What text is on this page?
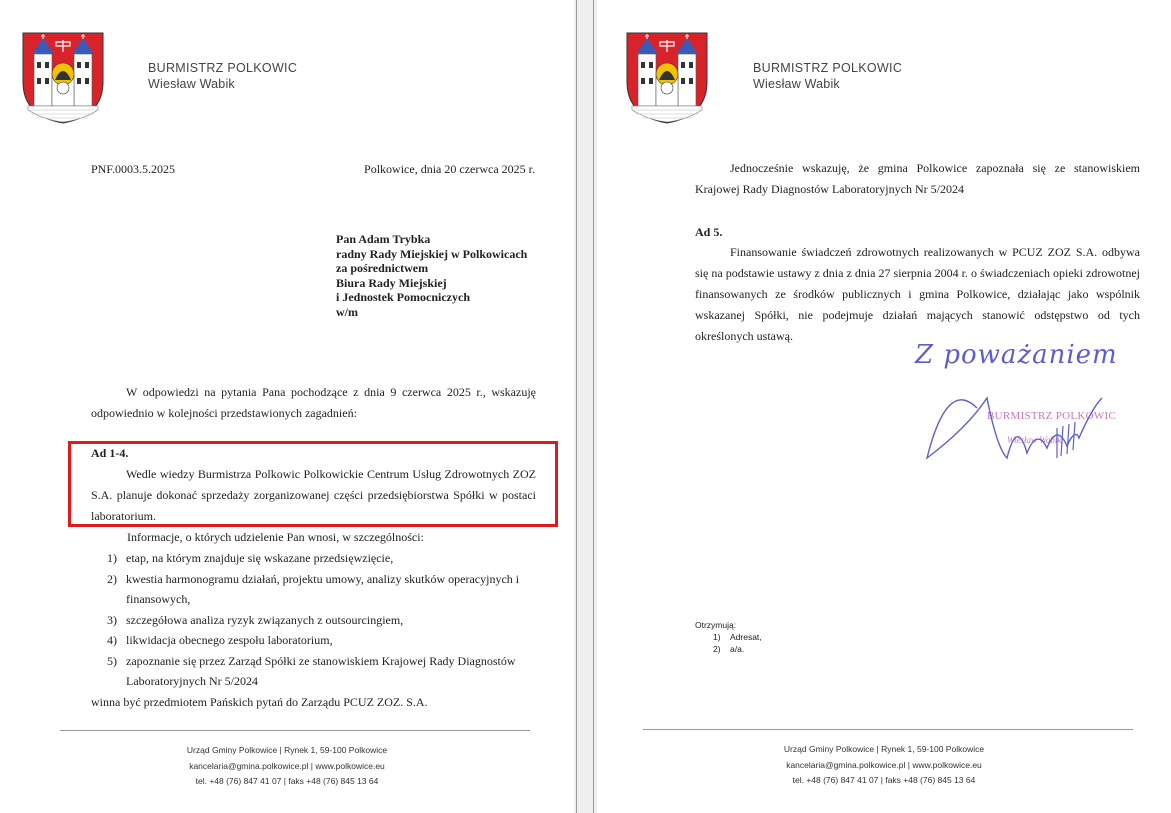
BURMISTRZ POLKOWIC
Wiesław Wabik
PNF.0003.5.2025	Polkowice, dnia 20 czerwca 2025 r.
Pan Adam Trybka
radny Rady Miejskiej w Polkowicach
za pośrednictwem
Biura Rady Miejskiej
i Jednostek Pomocniczych
w/m
W odpowiedzi na pytania Pana pochodzące z dnia 9 czerwca 2025 r., wskazuję odpowiednio w kolejności przedstawionych zagadnień:
Ad 1-4.
Wedle wiedzy Burmistrza Polkowic Polkowickie Centrum Usług Zdrowotnych ZOZ S.A. planuje dokonać sprzedaży zorganizowanej części przedsiębiorstwa Spółki w postaci laboratorium.
Informacje, o których udzielenie Pan wnosi, w szczególności:
1) etap, na którym znajduje się wskazane przedsięwzięcie,
2) kwestia harmonogramu działań, projektu umowy, analizy skutków operacyjnych i finansowych,
3) szczegółowa analiza ryzyk związanych z outsourcingiem,
4) likwidacja obecnego zespołu laboratorium,
5) zapoznanie się przez Zarząd Spółki ze stanowiskiem Krajowej Rady Diagnostów Laboratoryjnych Nr 5/2024
winna być przedmiotem Pańskich pytań do Zarządu PCUZ ZOZ. S.A.
Urząd Gminy Polkowice | Rynek 1, 59-100 Polkowice
kancelaria@gmina.polkowice.pl | www.polkowice.eu
tel. +48 (76) 847 41 07 | faks +48 (76) 845 13 64
BURMISTRZ POLKOWIC
Wiesław Wabik
Jednocześnie wskazuję, że gmina Polkowice zapoznała się ze stanowiskiem Krajowej Rady Diagnostów Laboratoryjnych Nr 5/2024
Ad 5.
Finansowanie świadczeń zdrowotnych realizowanych w PCUZ ZOZ S.A. odbywa się na podstawie ustawy z dnia z dnia 27 sierpnia 2004 r. o świadczeniach opieki zdrowotnej finansowanych ze środków publicznych i gmina Polkowice, działając jako wspólnik wskazanej Spółki, nie podejmuje działań mających stanowić odstępstwo od tych określonych ustawą.
Z poważaniem
BURMISTRZ POLKOWIC
Wiesław Wabik
Otrzymują:
1)	Adresat,
2)	a/a.
Urząd Gminy Polkowice | Rynek 1, 59-100 Polkowice
kancelaria@gmina.polkowice.pl | www.polkowice.eu
tel. +48 (76) 847 41 07 | faks +48 (76) 845 13 64
